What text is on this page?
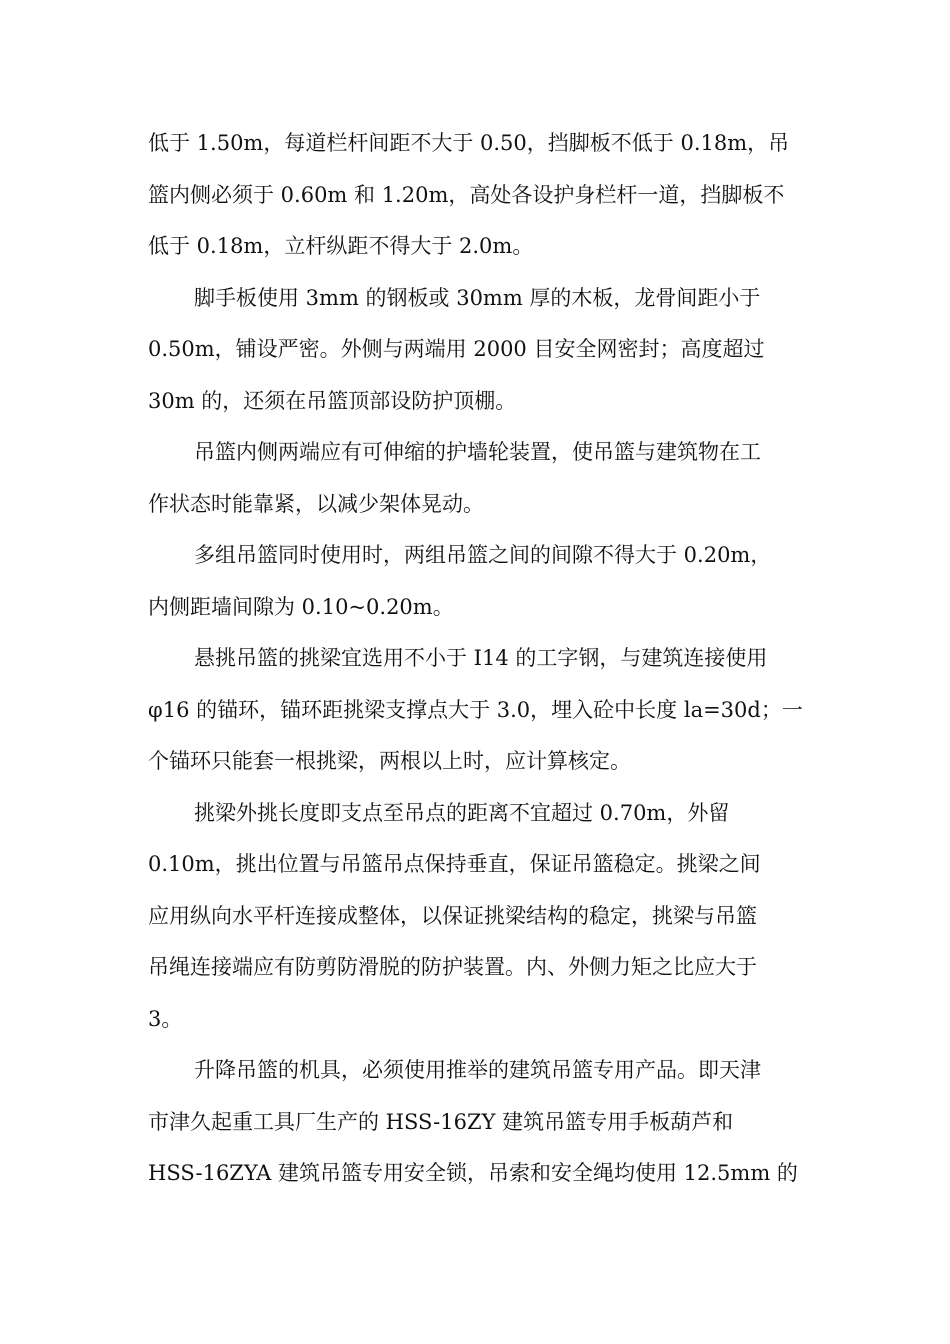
低于 1.50m，每道栏杆间距不大于 0.50，挡脚板不低于 0.18m，吊
篮内侧必须于 0.60m 和 1.20m，高处各设护身栏杆一道，挡脚板不
低于 0.18m，立杆纵距不得大于 2.0m。
脚手板使用 3mm 的钢板或 30mm 厚的木板，龙骨间距小于
0.50m，铺设严密。外侧与两端用 2000 目安全网密封；高度超过
30m 的，还须在吊篮顶部设防护顶棚。
吊篮内侧两端应有可伸缩的护墙轮装置，使吊篮与建筑物在工
作状态时能靠紧，以减少架体晃动。
多组吊篮同时使用时，两组吊篮之间的间隙不得大于 0.20m，
内侧距墙间隙为 0.10~0.20m。
悬挑吊篮的挑梁宜选用不小于 I14 的工字钢，与建筑连接使用
φ16 的锚环，锚环距挑梁支撑点大于 3.0，埋入砼中长度 la=30d；一
个锚环只能套一根挑梁，两根以上时，应计算核定。
挑梁外挑长度即支点至吊点的距离不宜超过 0.70m，外留
0.10m，挑出位置与吊篮吊点保持垂直，保证吊篮稳定。挑梁之间
应用纵向水平杆连接成整体，以保证挑梁结构的稳定，挑梁与吊篮
吊绳连接端应有防剪防滑脱的防护装置。内、外侧力矩之比应大于
3。
升降吊篮的机具，必须使用推举的建筑吊篮专用产品。即天津
市津久起重工具厂生产的 HSS-16ZY 建筑吊篮专用手板葫芦和
HSS-16ZYA 建筑吊篮专用安全锁，吊索和安全绳均使用 12.5mm 的
